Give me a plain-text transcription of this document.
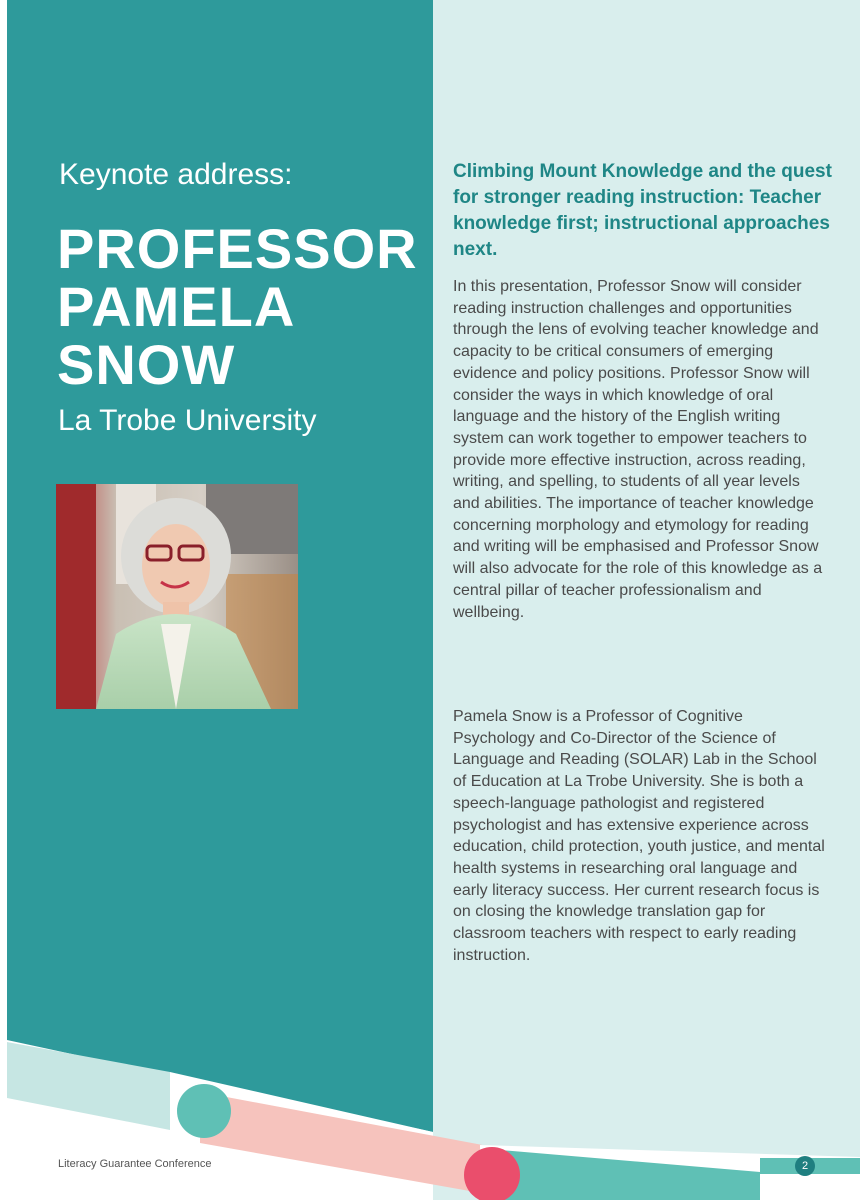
Keynote address:
PROFESSOR
PAMELA
SNOW
La Trobe University
Climbing Mount Knowledge and the quest for stronger reading instruction: Teacher knowledge first; instructional approaches next.
In this presentation, Professor Snow will consider reading instruction challenges and opportunities through the lens of evolving teacher knowledge and capacity to be critical consumers of emerging evidence and policy positions. Professor Snow will consider the ways in which knowledge of oral language and the history of the English writing system can work together to empower teachers to provide more effective instruction, across reading, writing, and spelling, to students of all year levels and abilities. The importance of teacher knowledge concerning morphology and etymology for reading and writing will be emphasised and Professor Snow will also advocate for the role of this knowledge as a central pillar of teacher professionalism and wellbeing.
Pamela Snow is a Professor of Cognitive Psychology and Co-Director of the Science of Language and Reading (SOLAR) Lab in the School of Education at La Trobe University. She is both a speech-language pathologist and registered psychologist and has extensive experience across education, child protection, youth justice, and mental health systems in researching oral language and early literacy success. Her current research focus is on closing the knowledge translation gap for classroom teachers with respect to early reading instruction.
Literacy Guarantee Conference	2
